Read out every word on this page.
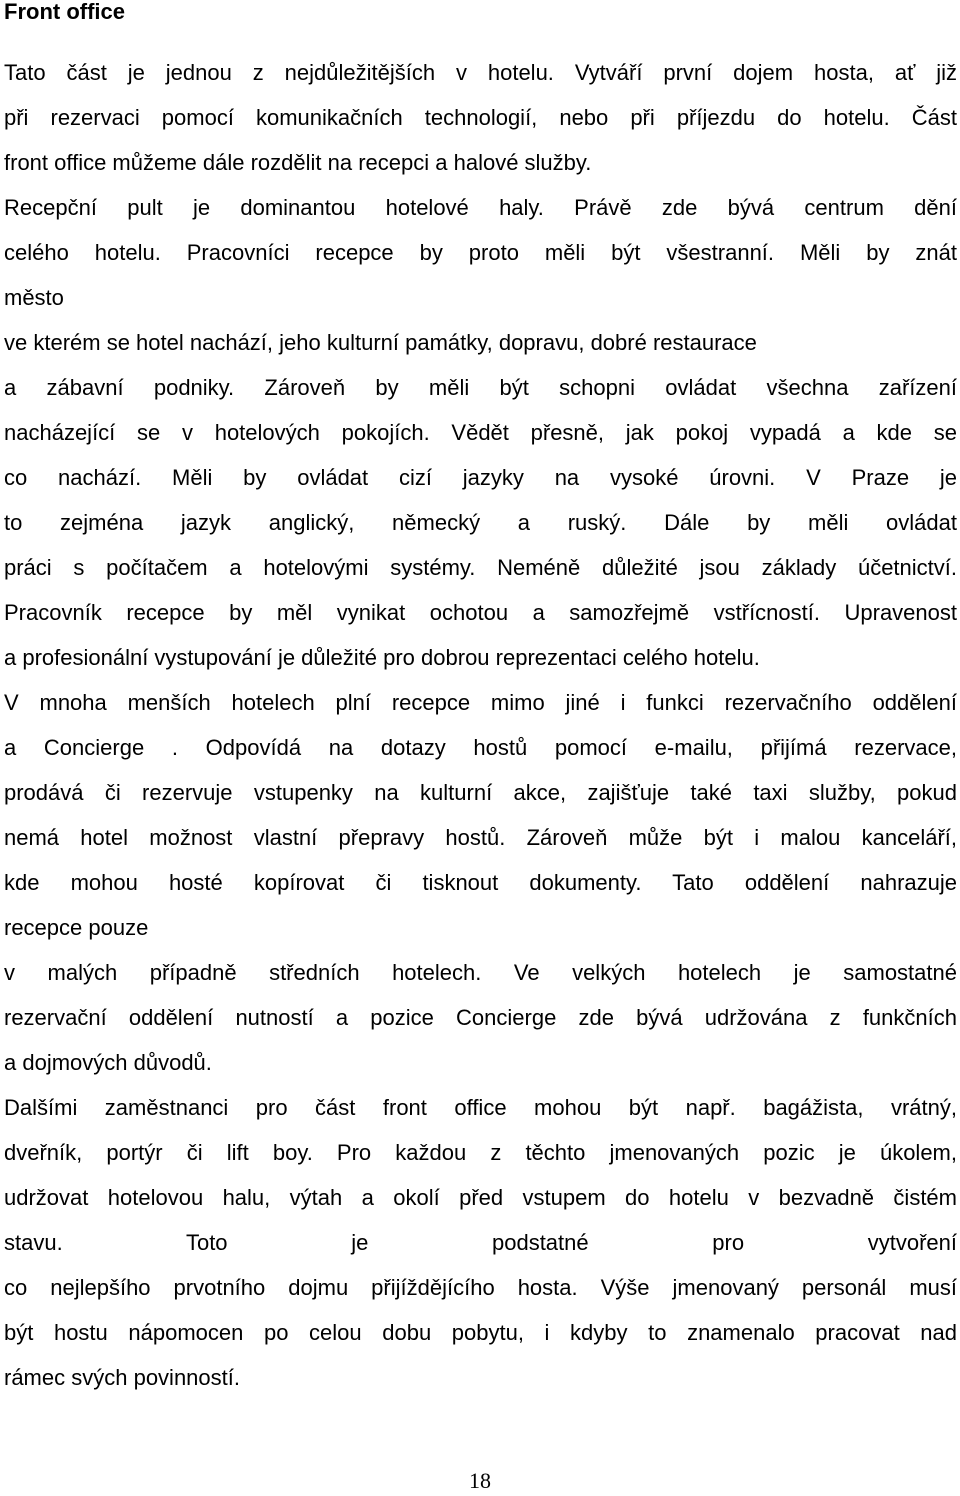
Front office
Tato část je jednou z nejdůležitějších v hotelu. Vytváří první dojem hosta, ať již
při rezervaci pomocí komunikačních technologií, nebo při příjezdu do hotelu. Část
front office můžeme dále rozdělit na recepci a halové služby.
Recepční pult je dominantou hotelové haly. Právě zde bývá centrum dění
celého hotelu. Pracovníci recepce by proto měli být všestranní. Měli by znát
město
ve kterém se hotel nachází, jeho kulturní památky, dopravu, dobré restaurace
a zábavní podniky. Zároveň by měli být schopni ovládat všechna zařízení
nacházející se v hotelových pokojích. Vědět přesně, jak pokoj vypadá a kde se
co nachází. Měli by ovládat cizí jazyky na vysoké úrovni. V Praze je
to zejména jazyk anglický, německý a ruský. Dále by měli ovládat
práci s počítačem a hotelovými systémy. Neméně důležité jsou základy účetnictví.
Pracovník recepce by měl vynikat ochotou a samozřejmě vstřícností. Upravenost
a profesionální vystupování je důležité pro dobrou reprezentaci celého hotelu.
V mnoha menších hotelech plní recepce mimo jiné i funkci rezervačního oddělení
a Concierge . Odpovídá na dotazy hostů pomocí e-mailu, přijímá rezervace,
prodává či rezervuje vstupenky na kulturní akce, zajišťuje také taxi služby, pokud
nemá hotel možnost vlastní přepravy hostů. Zároveň může být i malou kanceláří,
kde mohou hosté kopírovat či tisknout dokumenty. Tato oddělení nahrazuje
recepce pouze
v malých případně středních hotelech. Ve velkých hotelech je samostatné
rezervační oddělení nutností a pozice Concierge zde bývá udržována z funkčních
a dojmových důvodů.
Dalšími zaměstnanci pro část front office mohou být např. bagážista, vrátný,
dveřník, portýr či lift boy. Pro každou z těchto jmenovaných pozic je úkolem,
udržovat hotelovou halu, výtah a okolí před vstupem do hotelu v bezvadně čistém
stavu. Toto je podstatné pro vytvoření
co nejlepšího prvotního dojmu přijíždějícího hosta. Výše jmenovaný personál musí
být hostu nápomocen po celou dobu pobytu, i kdyby to znamenalo pracovat nad
rámec svých povinností.
18
